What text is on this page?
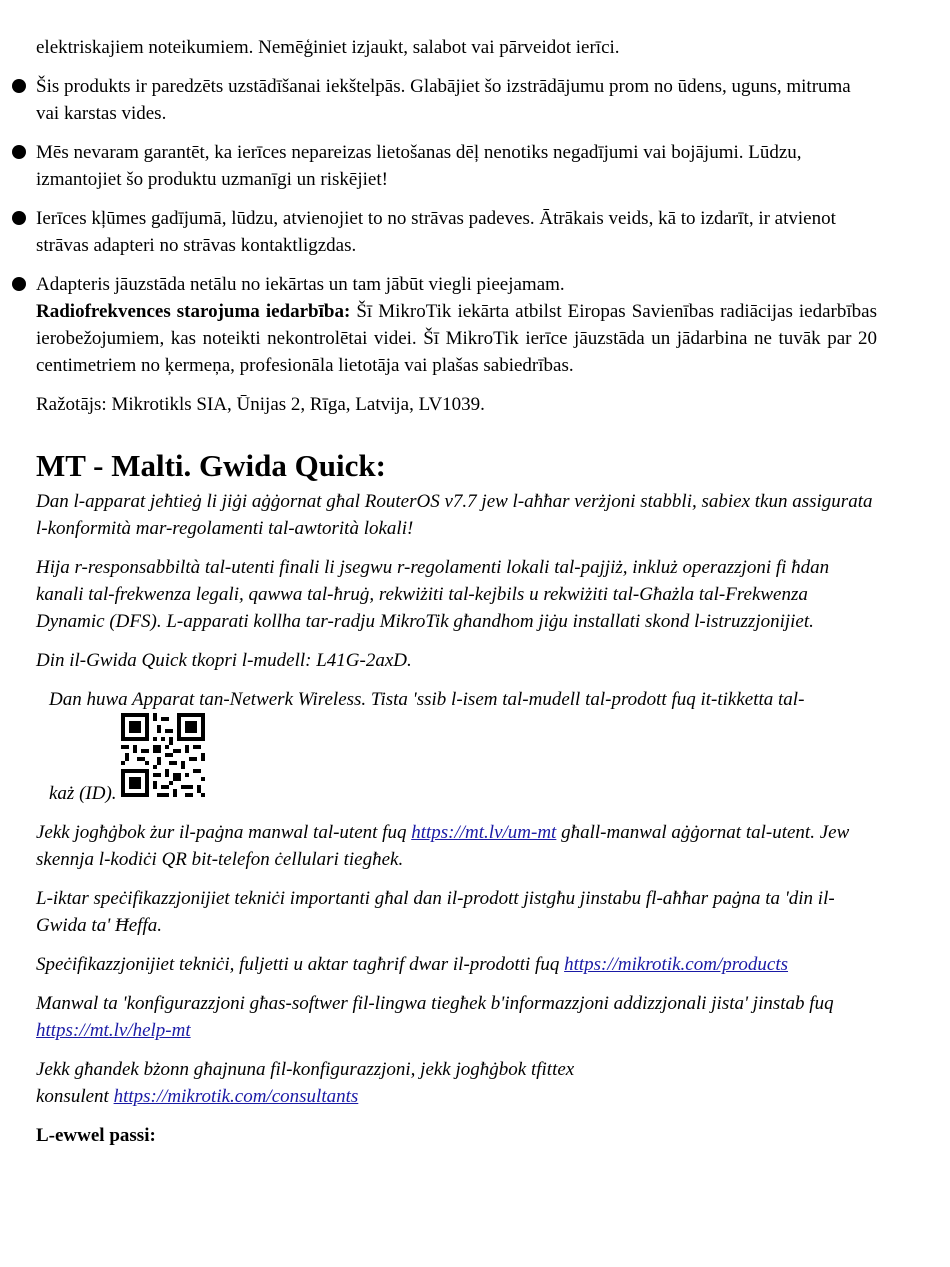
elektriskajiem noteikumiem. Nemēģiniet izjaukt, salabot vai pārveidot ierīci.

Šis produkts ir paredzēts uzstādīšanai iekštelpās. Glabājiet šo izstrādājumu prom no ūdens, uguns, mitruma vai karstas vides.

Mēs nevaram garantēt, ka ierīces nepareizas lietošanas dēļ nenotiks negadījumi vai bojājumi. Lūdzu, izmantojiet šo produktu uzmanīgi un riskējiet!

Ierīces kļūmes gadījumā, lūdzu, atvienojiet to no strāvas padeves. Ātrākais veids, kā to izdarīt, ir atvienot strāvas adapteri no strāvas kontaktligzdas.

Adapteris jāuzstāda netālu no iekārtas un tam jābūt viegli pieejamam.

Radiofrekvences starojuma iedarbība: Šī MikroTik iekārta atbilst Eiropas Savienības radiācijas iedarbības ierobežojumiem, kas noteikti nekontrolētai videi. Šī MikroTik ierīce jāuzstāda un jādarbina ne tuvāk par 20 centimetriem no ķermeņa, profesionāla lietotāja vai plašas sabiedrības.

Ražotājs: Mikrotikls SIA, Ūnijas 2, Rīga, Latvija, LV1039.

MT - Malti. Gwida Quick:

Dan l-apparat jeħtieġ li jiġi aġġornat għal RouterOS v7.7 jew l-aħħar verżjoni stabbli, sabiex tkun assigurata l-konformità mar-regolamenti tal-awtorità lokali!

Hija r-responsabbiltà tal-utenti finali li jsegwu r-regolamenti lokali tal-pajjiż, inkluż operazzjoni fi ħdan kanali tal-frekwenza legali, qawwa tal-ħruġ, rekwiżiti tal-kejbils u rekwiżiti tal-Għażla tal-Frekwenza Dynamic (DFS). L-apparati kollha tar-radju MikroTik għandhom jiġu installati skond l-istruzzjonijiet.

Din il-Gwida Quick tkopri l-mudell: L41G-2axD.

Dan huwa Apparat tan-Netwerk Wireless. Tista 'ssib l-isem tal-mudell tal-prodott fuq it-tikketta tal-
każ (ID).

Jekk jogħġbok żur il-paġna manwal tal-utent fuq https://mt.lv/um-mt għall-manwal aġġornat tal-utent. Jew skennja l-kodiċi QR bit-telefon ċellulari tiegħek.

L-iktar speċifikazzjonijiet tekniċi importanti għal dan il-prodott jistgħu jinstabu fl-aħħar paġna ta 'din il-Gwida ta' Ħeffa.

Speċifikazzjonijiet tekniċi, fuljetti u aktar tagħrif dwar il-prodotti fuq https://mikrotik.com/products

Manwal ta 'konfigurazzjoni għas-softwer fil-lingwa tiegħek b'informazzjoni addizzjonali jista' jinstab fuq https://mt.lv/help-mt

Jekk għandek bżonn għajnuna fil-konfigurazzjoni, jekk jogħġbok tfittex
konsulent https://mikrotik.com/consultants

L-ewwel passi:
